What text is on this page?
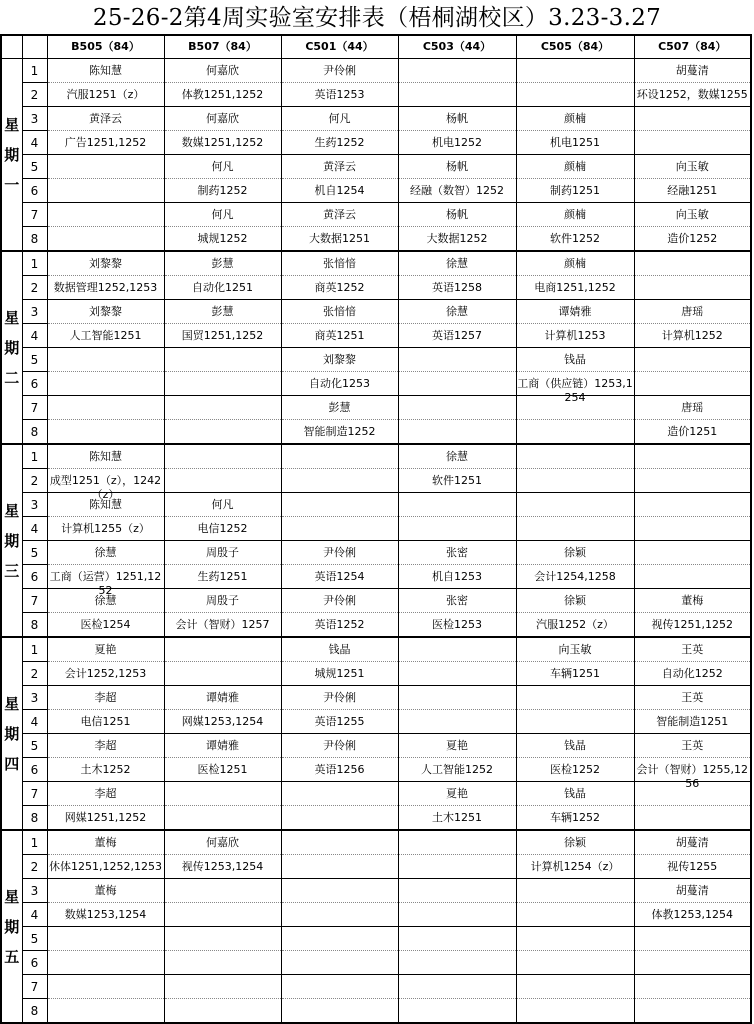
25-26-2第4周实验室安排表（梧桐湖校区）3.23-3.27
		B505（84）	B507（84）	C501（44）	C503（44）	C505（84）	C507（84）

星
期
一	1	陈知慧	何嘉欣	尹伶俐			胡蔓清

	2	汽服1251（z）	体教1251,1252	英语1253			环设1252，数媒1255

	3	黄泽云	何嘉欣	何凡	杨帆	颜楠	

	4	广告1251,1252	数媒1251,1252	生药1252	机电1252	机电1251	

	5		何凡	黄泽云	杨帆	颜楠	向玉敏

	6		制药1252	机自1254	经融（数智）1252	制药1251	经融1251

	7		何凡	黄泽云	杨帆	颜楠	向玉敏

	8		城规1252	大数据1251	大数据1252	软件1252	造价1252

星
期
二	1	刘黎黎	彭慧	张愔愔	徐慧	颜楠	

	2	数据管理1252,1253	自动化1251	商英1252	英语1258	电商1251,1252	

	3	刘黎黎	彭慧	张愔愔	徐慧	谭婧雅	唐瑶

	4	人工智能1251	国贸1251,1252	商英1251	英语1257	计算机1253	计算机1252

	5			刘黎黎		钱晶	

	6			自动化1253		工商（供应链）1253,1254	

	7			彭慧			唐瑶

	8			智能制造1252			造价1251

星
期
三	1	陈知慧			徐慧		

	2	成型1251（z），1242（z）			软件1251		

	3	陈知慧	何凡				

	4	计算机1255（z）	电信1252				

	5	徐慧	周殷子	尹伶俐	张密	徐颖	

	6	工商（运营）1251,1252	生药1251	英语1254	机自1253	会计1254,1258	

	7	徐慧	周殷子	尹伶俐	张密	徐颖	董梅

	8	医检1254	会计（智财）1257	英语1252	医检1253	汽服1252（z）	视传1251,1252

星
期
四	1	夏艳		钱晶		向玉敏	王英

	2	会计1252,1253		城规1251		车辆1251	自动化1252

	3	李超	谭婧雅	尹伶俐			王英

	4	电信1251	网媒1253,1254	英语1255			智能制造1251

	5	李超	谭婧雅	尹伶俐	夏艳	钱晶	王英

	6	土木1252	医检1251	英语1256	人工智能1252	医检1252	会计（智财）1255,1256

	7	李超			夏艳	钱晶	

	8	网媒1251,1252			土木1251	车辆1252	

星
期
五	1	董梅	何嘉欣			徐颖	胡蔓清

	2	休体1251,1252,1253	视传1253,1254			计算机1254（z）	视传1255

	3	董梅					胡蔓清

	4	数媒1253,1254					体教1253,1254

	5	

	6	

	7	

	8	
